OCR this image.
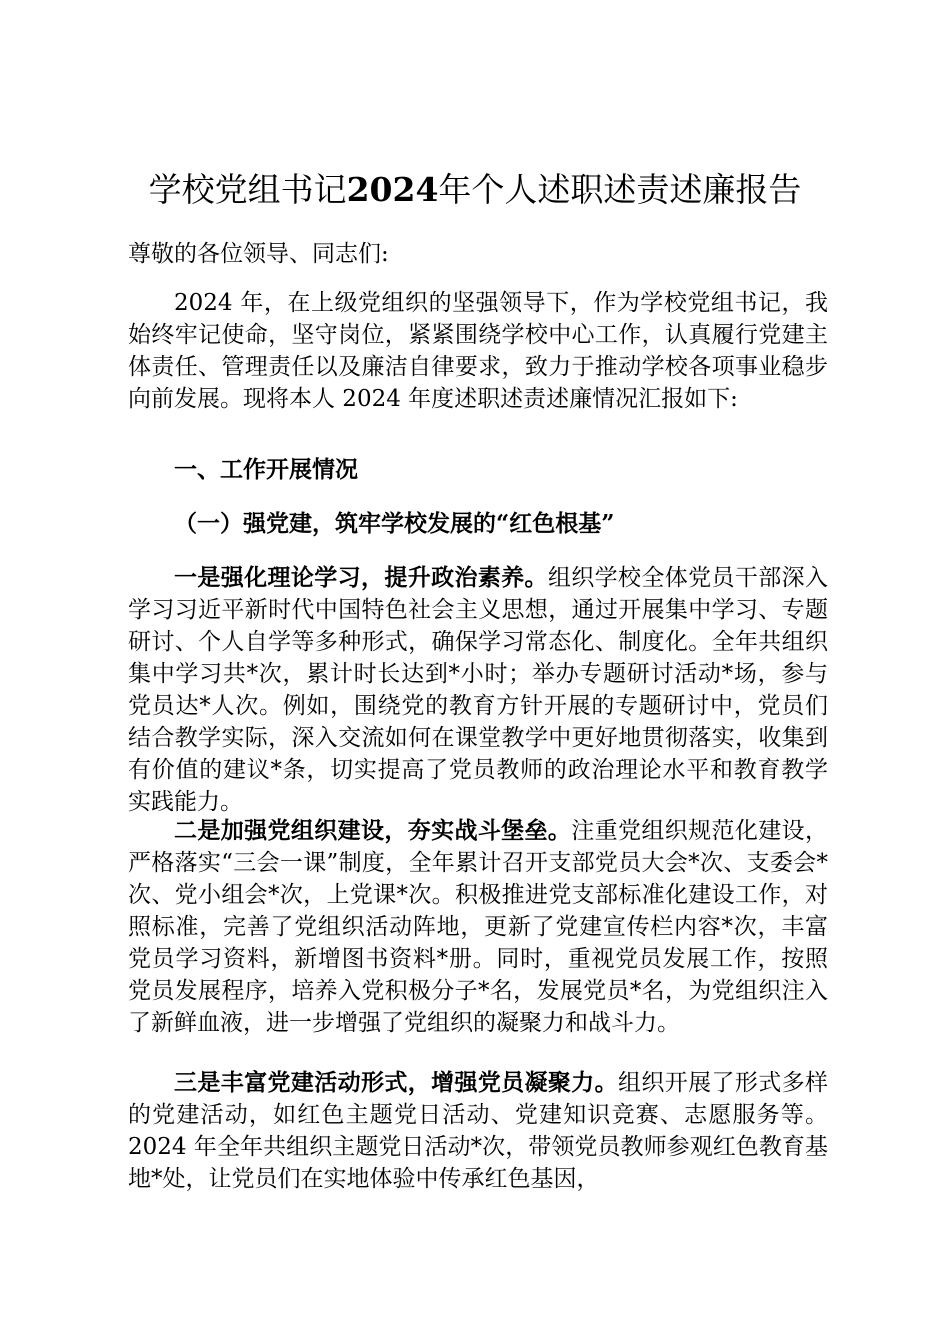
学校党组书记2024年个人述职述责述廉报告

尊敬的各位领导、同志们:

2024 年，在上级党组织的坚强领导下，作为学校党组书记，我始终牢记使命，坚守岗位，紧紧围绕学校中心工作，认真履行党建主体责任、管理责任以及廉洁自律要求，致力于推动学校各项事业稳步向前发展。现将本人 2024 年度述职述责述廉情况汇报如下:

一、工作开展情况

（一）强党建，筑牢学校发展的“红色根基”

一是强化理论学习，提升政治素养。组织学校全体党员干部深入学习习近平新时代中国特色社会主义思想，通过开展集中学习、专题研讨、个人自学等多种形式，确保学习常态化、制度化。全年共组织集中学习共*次，累计时长达到*小时；举办专题研讨活动*场，参与党员达*人次。例如，围绕党的教育方针开展的专题研讨中，党员们结合教学实际，深入交流如何在课堂教学中更好地贯彻落实，收集到有价值的建议*条，切实提高了党员教师的政治理论水平和教育教学实践能力。

二是加强党组织建设，夯实战斗堡垒。注重党组织规范化建设，严格落实“三会一课”制度，全年累计召开支部党员大会*次、支委会*次、党小组会*次，上党课*次。积极推进党支部标准化建设工作，对照标准，完善了党组织活动阵地，更新了党建宣传栏内容*次，丰富党员学习资料，新增图书资料*册。同时，重视党员发展工作，按照党员发展程序，培养入党积极分子*名，发展党员*名，为党组织注入了新鲜血液，进一步增强了党组织的凝聚力和战斗力。

三是丰富党建活动形式，增强党员凝聚力。组织开展了形式多样的党建活动，如红色主题党日活动、党建知识竞赛、志愿服务等。2024 年全年共组织主题党日活动*次，带领党员教师参观红色教育基地*处，让党员们在实地体验中传承红色基因，
